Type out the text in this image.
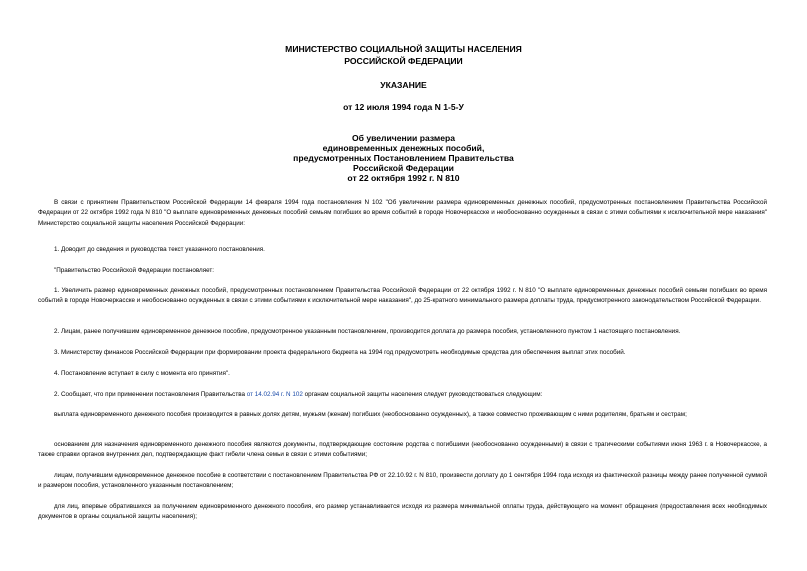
МИНИСТЕРСТВО СОЦИАЛЬНОЙ ЗАЩИТЫ НАСЕЛЕНИЯ
РОССИЙСКОЙ ФЕДЕРАЦИИ
УКАЗАНИЕ
от 12 июля 1994 года N 1-5-У
Об увеличении размера
единовременных денежных пособий,
предусмотренных Постановлением Правительства
Российской Федерации
от 22 октября 1992 г. N 810
В связи с принятием Правительством Российской Федерации 14 февраля 1994 года постановления N 102 "Об увеличении размера единовременных денежных пособий, предусмотренных постановлением Правительства Российской Федерации от 22 октября 1992 года N 810 "О выплате единовременных денежных пособий семьям погибших во время событий в городе Новочеркасске и необоснованно осужденных в связи с этими событиями к исключительной мере наказания" Министерство социальной защиты населения Российской Федерации:
1. Доводит до сведения и руководства текст указанного постановления.
"Правительство Российской Федерации постановляет:
1. Увеличить размер единовременных денежных пособий, предусмотренных постановлением Правительства Российской Федерации от 22 октября 1992 г. N 810 "О выплате единовременных денежных пособий семьям погибших во время событий в городе Новочеркасске и необоснованно осужденных в связи с этими событиями к исключительной мере наказания", до 25-кратного минимального размера доплаты труда, предусмотренного законодательством Российской Федерации.
2. Лицам, ранее получившим единовременное денежное пособие, предусмотренное указанным постановлением, производится доплата до размера пособия, установленного пунктом 1 настоящего постановления.
3. Министерству финансов Российской Федерации при формировании проекта федерального бюджета на 1994 год предусмотреть необходимые средства для обеспечения выплат этих пособий.
4. Постановление вступает в силу с момента его принятия".
2. Сообщает, что при применении постановления Правительства от 14.02.94 г. N 102 органам социальной защиты населения следует руководствоваться следующим:
выплата единовременного денежного пособия производится в равных долях детям, мужьям (женам) погибших (необоснованно осужденных), а также совместно проживающим с ними родителям, братьям и сестрам;
основанием для назначения единовременного денежного пособия являются документы, подтверждающие состояние родства с погибшими (необоснованно осужденными) в связи с трагическими событиями июня 1963 г. в Новочеркасске, а также справки органов внутренних дел, подтверждающие факт гибели члена семьи в связи с этими событиями;
лицам, получившим единовременное денежное пособие в соответствии с постановлением Правительства РФ от 22.10.92 г. N 810, произвести доплату до 1 сентября 1994 года исходя из фактической разницы между ранее полученной суммой и размером пособия, установленного указанным постановлением;
для лиц, впервые обратившихся за получением единовременного денежного пособия, его размер устанавливается исходя из размера минимальной оплаты труда, действующего на момент обращения (предоставления всех необходимых документов в органы социальной защиты населения);
